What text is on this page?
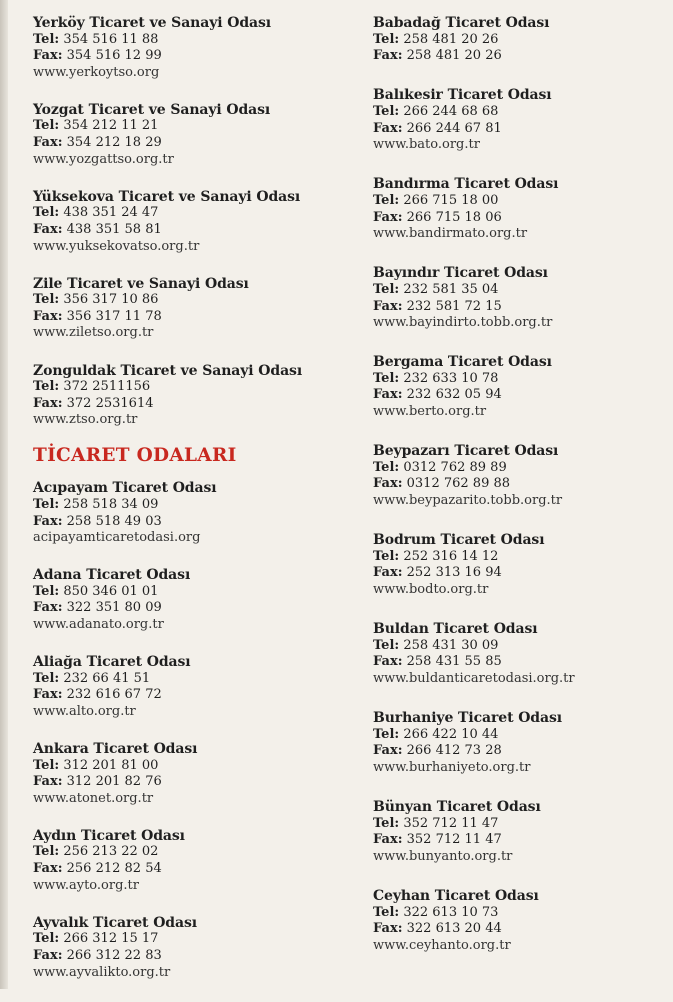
Yerköy Ticaret ve Sanayi Odası
Tel: 354 516 11 88
Fax: 354 516 12 99
www.yerkoytso.org
Yozgat Ticaret ve Sanayi Odası
Tel: 354 212 11 21
Fax: 354 212 18 29
www.yozgattso.org.tr
Yüksekova Ticaret ve Sanayi Odası
Tel: 438 351 24 47
Fax: 438 351 58 81
www.yuksekovatso.org.tr
Zile Ticaret ve Sanayi Odası
Tel: 356 317 10 86
Fax: 356 317 11 78
www.ziletso.org.tr
Zonguldak Ticaret ve Sanayi Odası
Tel: 372 2511156
Fax: 372 2531614
www.ztso.org.tr
TİCARET ODALARI
Acıpayam Ticaret Odası
Tel: 258 518 34 09
Fax: 258 518 49 03
acipayamticaretodasi.org
Adana Ticaret Odası
Tel: 850 346 01 01
Fax: 322 351 80 09
www.adanato.org.tr
Aliağa Ticaret Odası
Tel: 232 66 41 51
Fax: 232 616 67 72
www.alto.org.tr
Ankara Ticaret Odası
Tel: 312 201 81 00
Fax: 312 201 82 76
www.atonet.org.tr
Aydın Ticaret Odası
Tel: 256 213 22 02
Fax: 256 212 82 54
www.ayto.org.tr
Ayvalık Ticaret Odası
Tel: 266 312 15 17
Fax: 266 312 22 83
www.ayvalikto.org.tr
Babadağ Ticaret Odası
Tel: 258 481 20 26
Fax: 258 481 20 26
Balıkesir Ticaret Odası
Tel: 266 244 68 68
Fax: 266 244 67 81
www.bato.org.tr
Bandırma Ticaret Odası
Tel: 266 715 18 00
Fax: 266 715 18 06
www.bandirmato.org.tr
Bayındır Ticaret Odası
Tel: 232 581 35 04
Fax: 232 581 72 15
www.bayindirto.tobb.org.tr
Bergama Ticaret Odası
Tel: 232 633 10 78
Fax: 232 632 05 94
www.berto.org.tr
Beypazarı Ticaret Odası
Tel: 0312 762 89 89
Fax: 0312 762 89 88
www.beypazarito.tobb.org.tr
Bodrum Ticaret Odası
Tel: 252 316 14 12
Fax: 252 313 16 94
www.bodto.org.tr
Buldan Ticaret Odası
Tel: 258 431 30 09
Fax: 258 431 55 85
www.buldanticaretodasi.org.tr
Burhaniye Ticaret Odası
Tel: 266 422 10 44
Fax: 266 412 73 28
www.burhaniyeto.org.tr
Bünyan Ticaret Odası
Tel: 352 712 11 47
Fax: 352 712 11 47
www.bunyanto.org.tr
Ceyhan Ticaret Odası
Tel: 322 613 10 73
Fax: 322 613 20 44
www.ceyhanto.org.tr
